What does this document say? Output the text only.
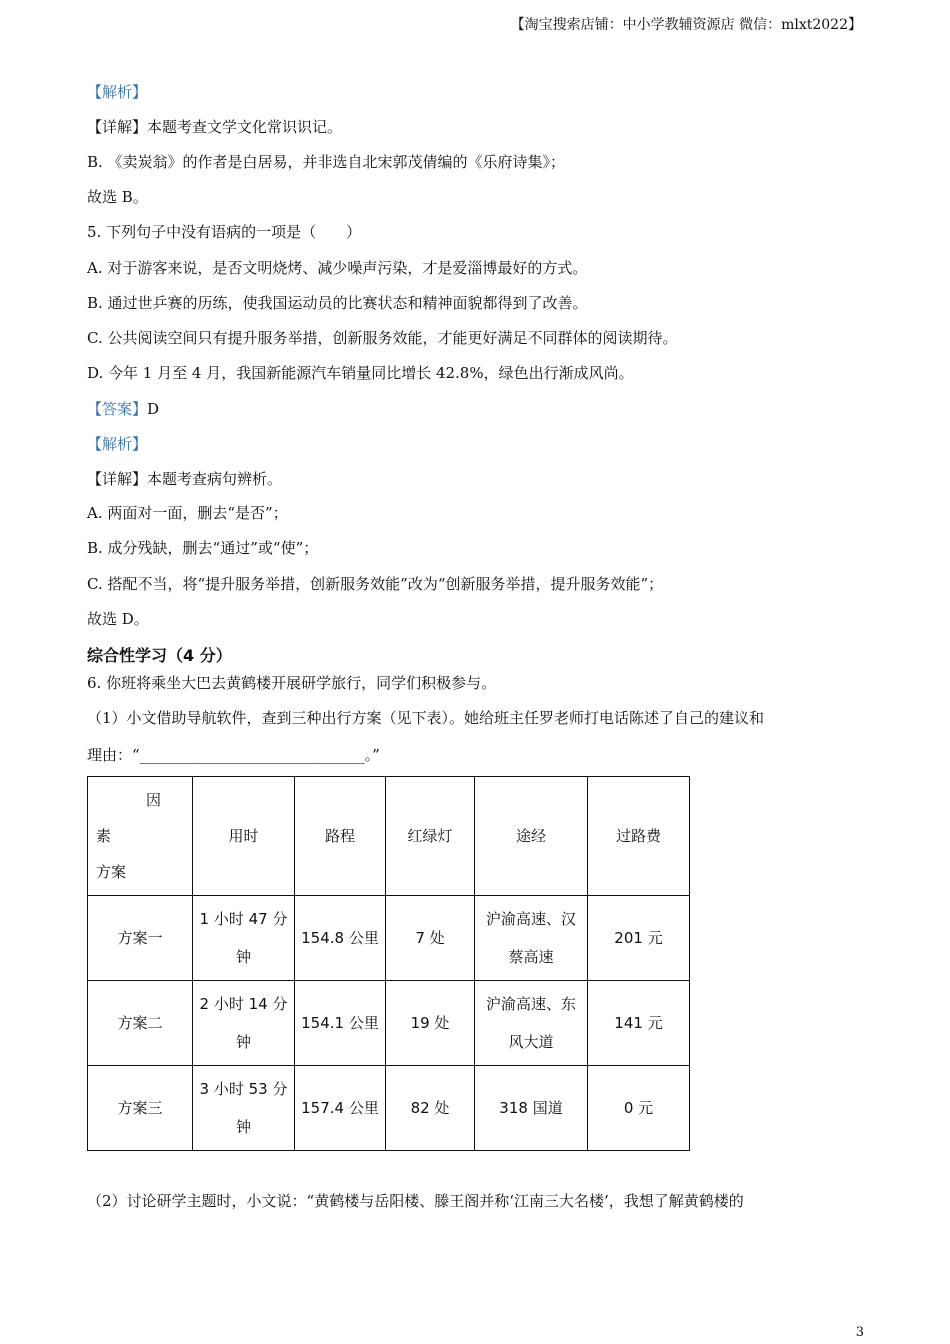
【淘宝搜索店铺：中小学教辅资源店 微信：mlxt2022】
【解析】
【详解】本题考查文学文化常识识记。
B. 《卖炭翁》的作者是白居易，并非选自北宋郭茂倩编的《乐府诗集》；
故选 B。
5. 下列句子中没有语病的一项是（　　）
A. 对于游客来说，是否文明烧烤、减少噪声污染，才是爱淄博最好的方式。
B. 通过世乒赛的历练，使我国运动员的比赛状态和精神面貌都得到了改善。
C. 公共阅读空间只有提升服务举措，创新服务效能，才能更好满足不同群体的阅读期待。
D. 今年 1 月至 4 月，我国新能源汽车销量同比增长 42.8%，绿色出行渐成风尚。
【答案】D
【解析】
【详解】本题考查病句辨析。
A. 两面对一面，删去“是否”；
B. 成分残缺，删去“通过”或“使”；
C. 搭配不当，将“提升服务举措，创新服务效能”改为“创新服务举措，提升服务效能”；
故选 D。
综合性学习（4 分）
6. 你班将乘坐大巴去黄鹤楼开展研学旅行，同学们积极参与。
（1）小文借助导航软件，查到三种出行方案（见下表）。她给班主任罗老师打电话陈述了自己的建议和
理由：“______________________________。”
因
素
方案	用时	路程	红绿灯	途经	过路费
方案一	1 小时 47 分钟	154.8 公里	7 处	沪渝高速、汉蔡高速	201 元
方案二	2 小时 14 分钟	154.1 公里	19 处	沪渝高速、东风大道	141 元
方案三	3 小时 53 分钟	157.4 公里	82 处	318 国道	0 元
（2）讨论研学主题时，小文说：“黄鹤楼与岳阳楼、滕王阁并称‘江南三大名楼’，我想了解黄鹤楼的
3
